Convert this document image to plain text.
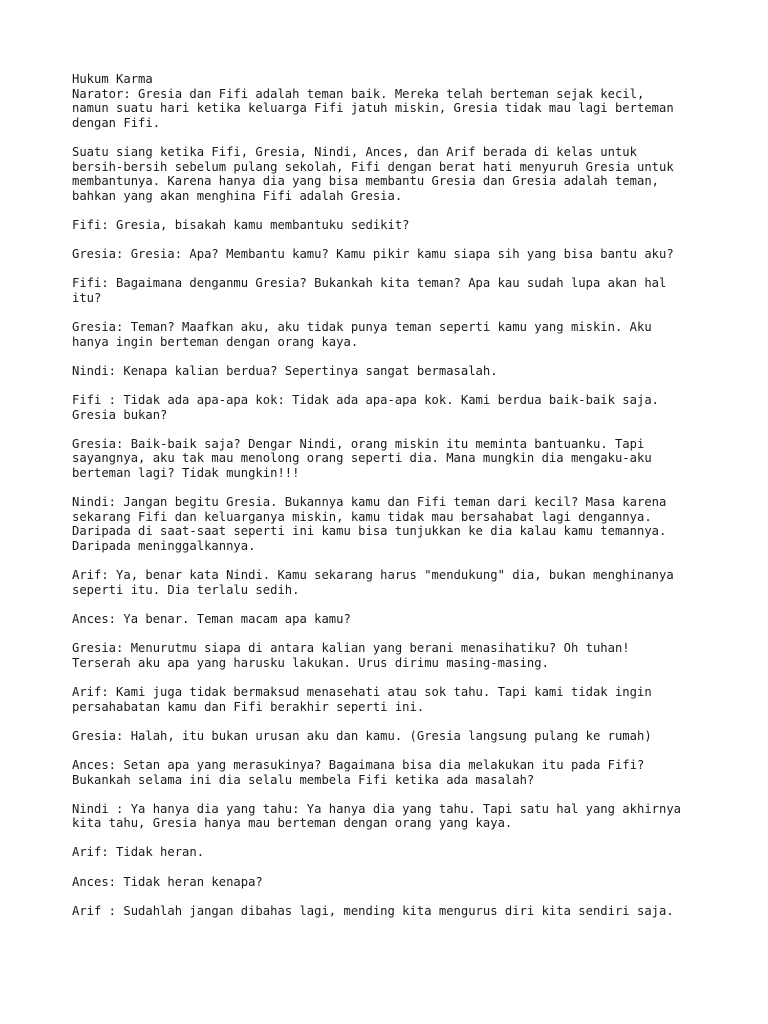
Hukum Karma

Narator: Gresia dan Fifi adalah teman baik. Mereka telah berteman sejak kecil,
namun suatu hari ketika keluarga Fifi jatuh miskin, Gresia tidak mau lagi berteman
dengan Fifi.

Suatu siang ketika Fifi, Gresia, Nindi, Ances, dan Arif berada di kelas untuk
bersih-bersih sebelum pulang sekolah, Fifi dengan berat hati menyuruh Gresia untuk
membantunya. Karena hanya dia yang bisa membantu Gresia dan Gresia adalah teman,
bahkan yang akan menghina Fifi adalah Gresia.

Fifi: Gresia, bisakah kamu membantuku sedikit?

Gresia: Gresia: Apa? Membantu kamu? Kamu pikir kamu siapa sih yang bisa bantu aku?

Fifi: Bagaimana denganmu Gresia? Bukankah kita teman? Apa kau sudah lupa akan hal
itu?

Gresia: Teman? Maafkan aku, aku tidak punya teman seperti kamu yang miskin. Aku
hanya ingin berteman dengan orang kaya.

Nindi: Kenapa kalian berdua? Sepertinya sangat bermasalah.

Fifi : Tidak ada apa-apa kok: Tidak ada apa-apa kok. Kami berdua baik-baik saja.
Gresia bukan?

Gresia: Baik-baik saja? Dengar Nindi, orang miskin itu meminta bantuanku. Tapi
sayangnya, aku tak mau menolong orang seperti dia. Mana mungkin dia mengaku-aku
berteman lagi? Tidak mungkin!!!

Nindi: Jangan begitu Gresia. Bukannya kamu dan Fifi teman dari kecil? Masa karena
sekarang Fifi dan keluarganya miskin, kamu tidak mau bersahabat lagi dengannya.
Daripada di saat-saat seperti ini kamu bisa tunjukkan ke dia kalau kamu temannya.
Daripada meninggalkannya.

Arif: Ya, benar kata Nindi. Kamu sekarang harus "mendukung" dia, bukan menghinanya
seperti itu. Dia terlalu sedih.

Ances: Ya benar. Teman macam apa kamu?

Gresia: Menurutmu siapa di antara kalian yang berani menasihatiku? Oh tuhan!
Terserah aku apa yang harusku lakukan. Urus dirimu masing-masing.

Arif: Kami juga tidak bermaksud menasehati atau sok tahu. Tapi kami tidak ingin
persahabatan kamu dan Fifi berakhir seperti ini.

Gresia: Halah, itu bukan urusan aku dan kamu. (Gresia langsung pulang ke rumah)

Ances: Setan apa yang merasukinya? Bagaimana bisa dia melakukan itu pada Fifi?
Bukankah selama ini dia selalu membela Fifi ketika ada masalah?

Nindi : Ya hanya dia yang tahu: Ya hanya dia yang tahu. Tapi satu hal yang akhirnya
kita tahu, Gresia hanya mau berteman dengan orang yang kaya.

Arif: Tidak heran.

Ances: Tidak heran kenapa?

Arif : Sudahlah jangan dibahas lagi, mending kita mengurus diri kita sendiri saja.
